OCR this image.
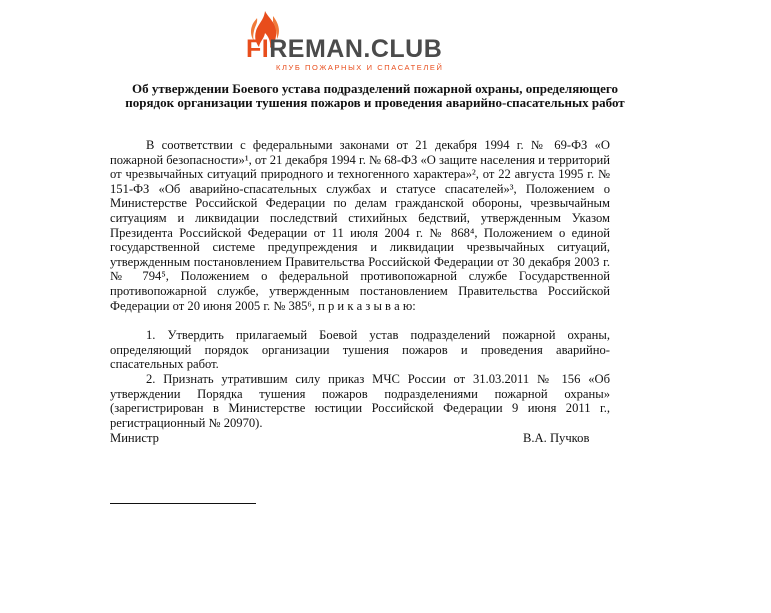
FIREMAN.CLUB
КЛУБ ПОЖАРНЫХ И СПАСАТЕЛЕЙ
Об утверждении Боевого устава подразделений пожарной охраны, определяющего
порядок организации тушения пожаров и проведения аварийно-спасательных работ

В соответствии с федеральными законами от 21 декабря 1994 г. № 69-ФЗ «О пожарной безопасности»¹, от 21 декабря 1994 г. № 68-ФЗ «О защите населения и территорий от чрезвычайных ситуаций природного и техногенного характера»², от 22 августа 1995 г. № 151-ФЗ «Об аварийно-спасательных службах и статусе спасателей»³, Положением о Министерстве Российской Федерации по делам гражданской обороны, чрезвычайным ситуациям и ликвидации последствий стихийных бедствий, утвержденным Указом Президента Российской Федерации от 11 июля 2004 г. № 868⁴, Положением о единой государственной системе предупреждения и ликвидации чрезвычайных ситуаций, утвержденным постановлением Правительства Российской Федерации от 30 декабря 2003 г. № 794⁵, Положением о федеральной противопожарной службе Государственной противопожарной службе, утвержденным постановлением Правительства Российской Федерации от 20 июня 2005 г. № 385⁶, п р и к а з ы в а ю:

1. Утвердить прилагаемый Боевой устав подразделений пожарной охраны, определяющий порядок организации тушения пожаров и проведения аварийно-спасательных работ.

2. Признать утратившим силу приказ МЧС России от 31.03.2011 № 156 «Об утверждении Порядка тушения пожаров подразделениями пожарной охраны» (зарегистрирован в Министерстве юстиции Российской Федерации 9 июня 2011 г., регистрационный № 20970).

Министр	В.А. Пучков
